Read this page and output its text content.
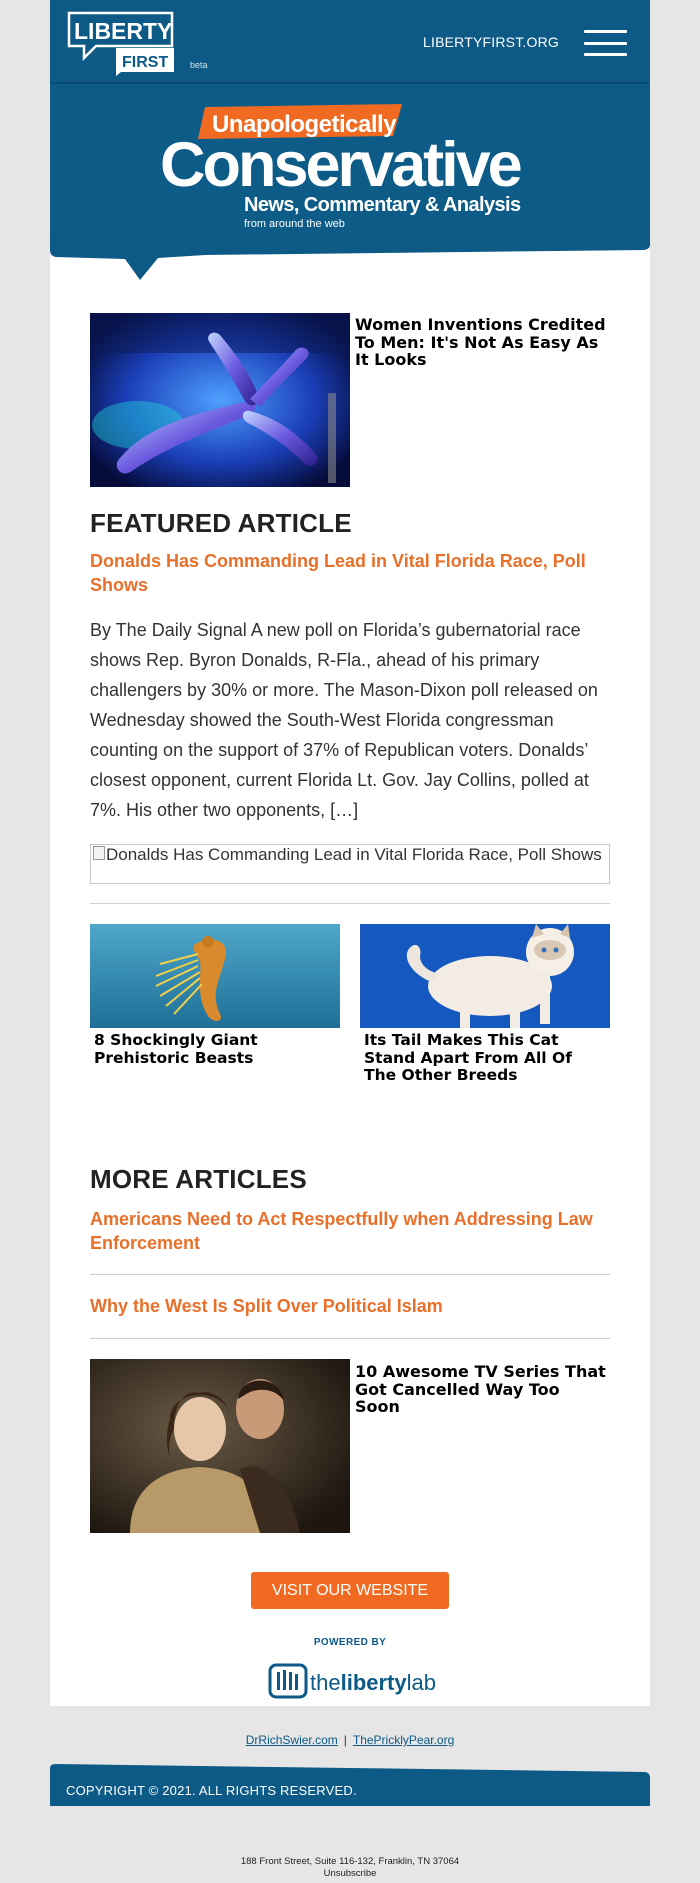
LIBERTY
FIRST beta
LIBERTYFIRST.ORG
Unapologetically
Conservative
News, Commentary & Analysis
from around the web
Women Inventions Credited To Men: It's Not As Easy As It Looks
FEATURED ARTICLE
Donalds Has Commanding Lead in Vital Florida Race, Poll Shows

By The Daily Signal A new poll on Florida’s gubernatorial race shows Rep. Byron Donalds, R-Fla., ahead of his primary challengers by 30% or more. The Mason-Dixon poll released on Wednesday showed the South-West Florida congressman counting on the support of 37% of Republican voters. Donalds’ closest opponent, current Florida Lt. Gov. Jay Collins, polled at 7%. His other two opponents, […]

Donalds Has Commanding Lead in Vital Florida Race, Poll Shows
8 Shockingly Giant Prehistoric Beasts
Its Tail Makes This Cat Stand Apart From All Of The Other Breeds
MORE ARTICLES
Americans Need to Act Respectfully when Addressing Law Enforcement
Why the West Is Split Over Political Islam
10 Awesome TV Series That Got Cancelled Way Too Soon
VISIT OUR WEBSITE
POWERED BY
thelibertylab
DrRichSwier.com | ThePricklyPear.org
COPYRIGHT © 2021. ALL RIGHTS RESERVED.
188 Front Street, Suite 116-132, Franklin, TN 37064
Unsubscribe
